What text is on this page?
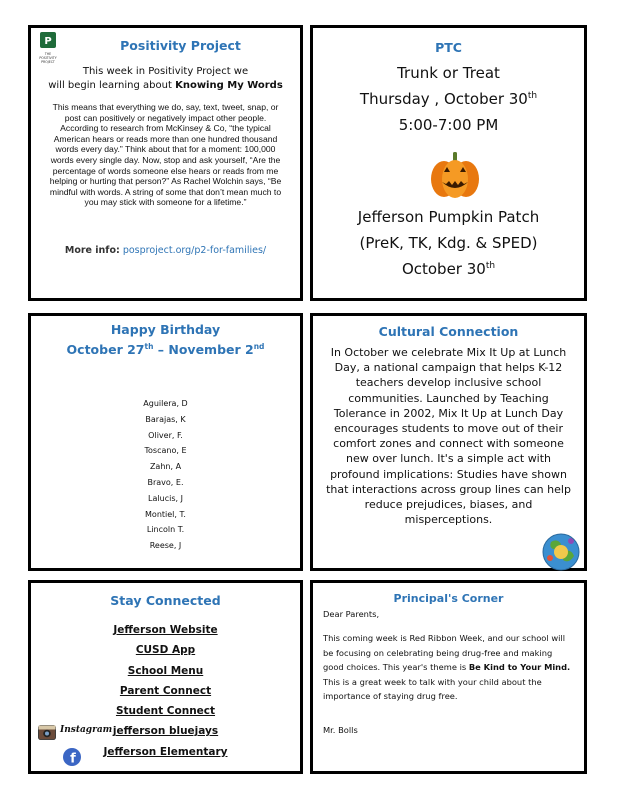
P
THE
POSITIVITY
PROJECT
Positivity Project
This week in Positivity Project we
will begin learning about Knowing My Words
This means that everything we do, say, text, tweet, snap, or post can positively or negatively impact other people. According to research from McKinsey & Co, “the typical American hears or reads more than one hundred thousand words every day.” Think about that for a moment: 100,000 words every single day. Now, stop and ask yourself, “Are the percentage of words someone else hears or reads from me helping or hurting that person?” As Rachel Wolchin says, “Be mindful with words. A string of some that don’t mean much to you may stick with someone for a lifetime.”
More info: posproject.org/p2-for-families/
PTC
Trunk or Treat
Thursday , October 30th
5:00-7:00 PM
Jefferson Pumpkin Patch
(PreK, TK, Kdg. & SPED)
October 30th
Happy Birthday
October 27th – November 2nd
Aguilera, D
Barajas, K
Oliver, F.
Toscano, E
Zahn, A
Bravo, E.
Lalucis, J
Montiel, T.
Lincoln T.
Reese, J
Cultural Connection
In October we celebrate Mix It Up at Lunch Day, a national campaign that helps K-12 teachers develop inclusive school communities. Launched by Teaching Tolerance in 2002, Mix It Up at Lunch Day encourages students to move out of their comfort zones and connect with someone new over lunch. It's a simple act with profound implications: Studies have shown that interactions across group lines can help reduce prejudices, biases, and misperceptions.
Stay Connected
Jefferson Website
CUSD App
School Menu
Parent Connect
Student Connect
jefferson bluejays
Jefferson Elementary
Instagram
f
Principal's Corner
Dear Parents,
This coming week is Red Ribbon Week, and our school will be focusing on celebrating being drug-free and making good choices. This year's theme is Be Kind to Your Mind. This is a great week to talk with your child about the importance of staying drug free.
Mr. Bolls
